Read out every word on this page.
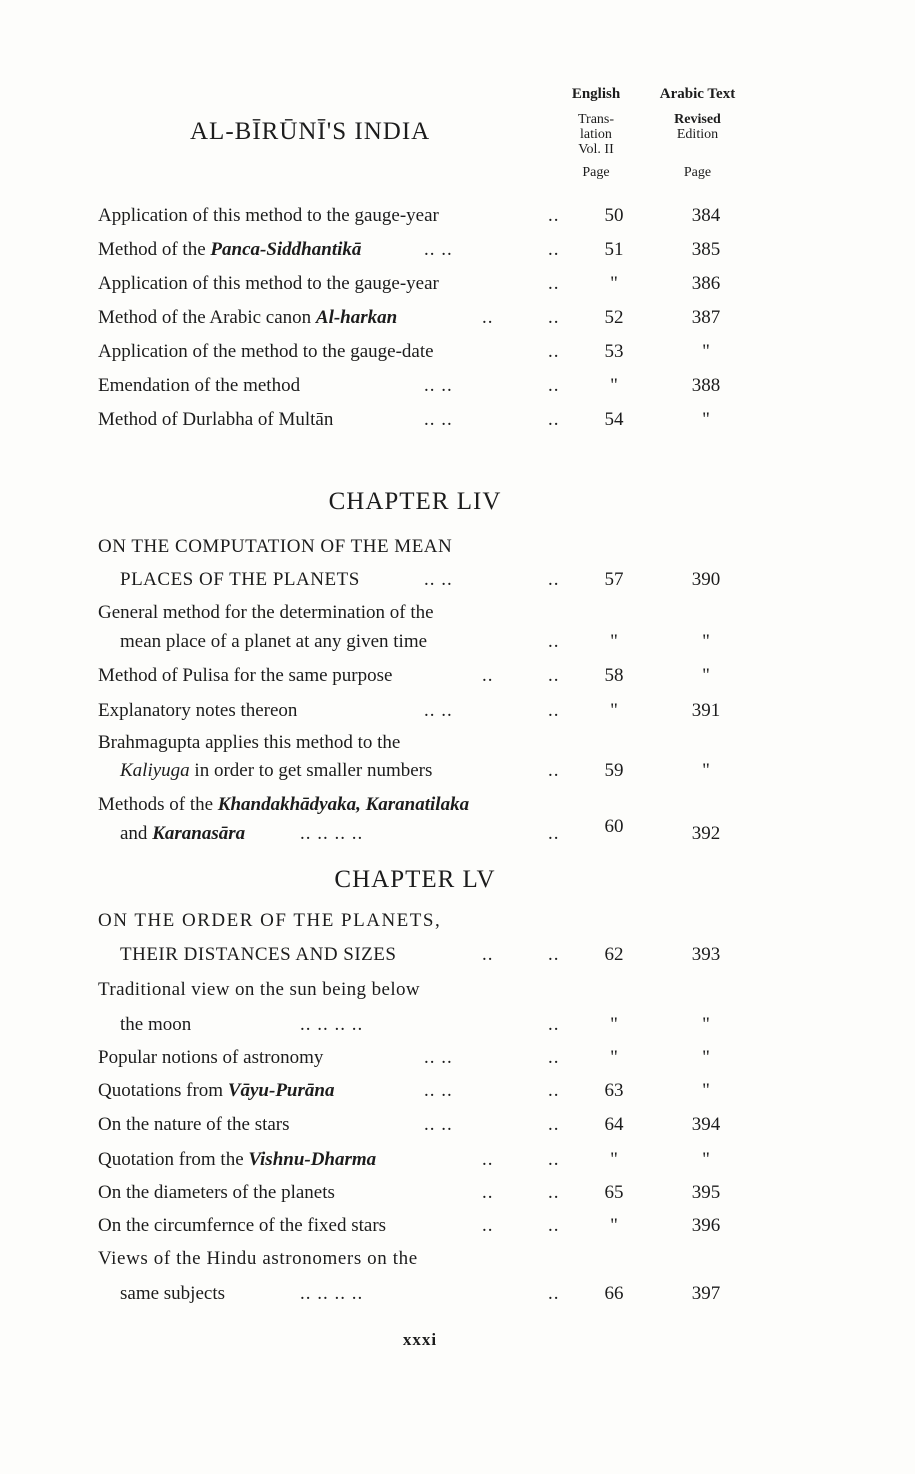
AL-BĪRŪNĪ'S INDIA
English
Trans-
lation
Vol. II
Page
Arabic Text
Revised
Edition
Page
Application of this method to the gauge-year	..	50	384
Method of the Panca-Siddhantikā	.. ..	..	51	385
Application of this method to the gauge-year	..	"	386
Method of the Arabic canon Al-harkan	..	..	52	387
Application of the method to the gauge-date	..	53	"
Emendation of the method	.. ..	..	"	388
Method of Durlabha of Multān	.. ..	..	54	"
CHAPTER LIV
ON THE COMPUTATION OF THE MEAN
PLACES OF THE PLANETS	.. ..	..	57	390
General method for the determination of the
mean place of a planet at any given time	..	"	"
Method of Pulisa for the same purpose	..	..	58	"
Explanatory notes thereon	.. ..	..	"	391
Brahmagupta applies this method to the
Kaliyuga in order to get smaller numbers	..	59	"
Methods of the Khandakhādyaka, Karanatilaka
and Karanasāra	.. .. .. ..	..	60	392
CHAPTER LV
ON THE ORDER OF THE PLANETS,
THEIR DISTANCES AND SIZES	..	..	62	393
Traditional view on the sun being below
the moon	.. .. .. ..	..	"	"
Popular notions of astronomy	.. ..	..	"	"
Quotations from Vāyu-Purāna	.. ..	..	63	"
On the nature of the stars	.. ..	..	64	394
Quotation from the Vishnu-Dharma	..	..	"	"
On the diameters of the planets	..	..	65	395
On the circumfernce of the fixed stars	..	..	"	396
Views of the Hindu astronomers on the
same subjects	.. .. .. ..	..	66	397
xxxi
